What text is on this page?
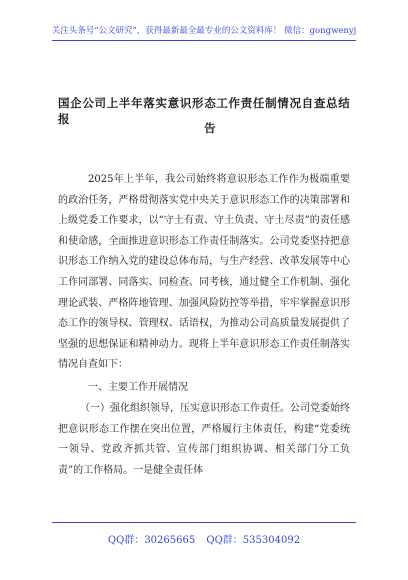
关注头条号“公文研究”，获得最新最全最专业的公文资料库！ 微信：gongwenyj
国企公司上半年落实意识形态工作责任制情况自查总结报
告

2025年上半年，我公司始终将意识形态工作作为极端重要的政治任务，严格贯彻落实党中央关于意识形态工作的决策部署和上级党委工作要求，以“守土有责、守土负责、守土尽责”的责任感和使命感，全面推进意识形态工作责任制落实。公司党委坚持把意识形态工作纳入党的建设总体布局，与生产经营、改革发展等中心工作同部署、同落实、同检查、同考核，通过健全工作机制、强化理论武装、严格阵地管理、加强风险防控等举措，牢牢掌握意识形态工作的领导权、管理权、话语权，为推动公司高质量发展提供了坚强的思想保证和精神动力。现将上半年意识形态工作责任制落实情况自查如下：

一、主要工作开展情况

（一）强化组织领导，压实意识形态工作责任。公司党委始终把意识形态工作摆在突出位置，严格履行主体责任，构建“党委统一领导、党政齐抓共管、宣传部门组织协调、相关部门分工负责”的工作格局。一是健全责任体

QQ群：30265665 QQ群：535304092
